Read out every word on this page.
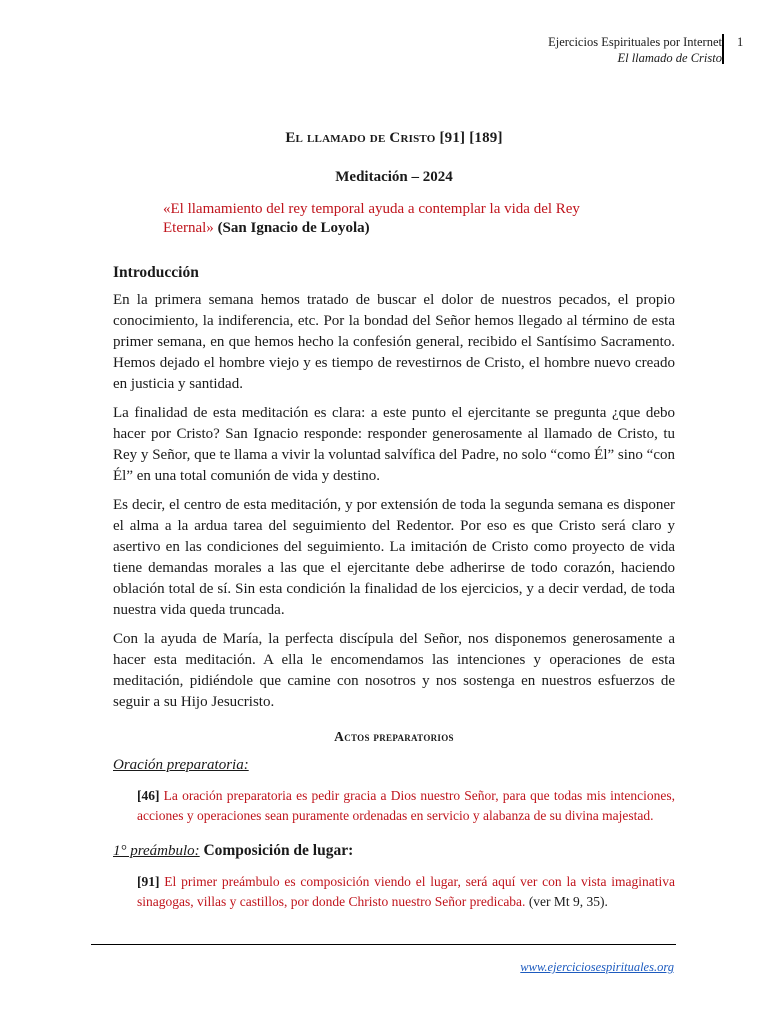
Ejercicios Espirituales por Internet
El llamado de Cristo
1
El llamado de Cristo [91] [189]
Meditación – 2024
«El llamamiento del rey temporal ayuda a contemplar la vida del Rey Eternal» (San Ignacio de Loyola)
Introducción

En la primera semana hemos tratado de buscar el dolor de nuestros pecados, el propio conocimiento, la indiferencia, etc. Por la bondad del Señor hemos llegado al término de esta primer semana, en que hemos hecho la confesión general, recibido el Santísimo Sacramento. Hemos dejado el hombre viejo y es tiempo de revestirnos de Cristo, el hombre nuevo creado en justicia y santidad.

La finalidad de esta meditación es clara: a este punto el ejercitante se pregunta ¿que debo hacer por Cristo? San Ignacio responde: responder generosamente al llamado de Cristo, tu Rey y Señor, que te llama a vivir la voluntad salvífica del Padre, no solo “como Él” sino “con Él” en una total comunión de vida y destino.

Es decir, el centro de esta meditación, y por extensión de toda la segunda semana es disponer el alma a la ardua tarea del seguimiento del Redentor. Por eso es que Cristo será claro y asertivo en las condiciones del seguimiento. La imitación de Cristo como proyecto de vida tiene demandas morales a las que el ejercitante debe adherirse de todo corazón, haciendo oblación total de sí. Sin esta condición la finalidad de los ejercicios, y a decir verdad, de toda nuestra vida queda truncada.

Con la ayuda de María, la perfecta discípula del Señor, nos disponemos generosamente a hacer esta meditación. A ella le encomendamos las intenciones y operaciones de esta meditación, pidiéndole que camine con nosotros y nos sostenga en nuestros esfuerzos de seguir a su Hijo Jesucristo.

Actos preparatorios
Oración preparatoria:
[46] La oración preparatoria es pedir gracia a Dios nuestro Señor, para que todas mis intenciones, acciones y operaciones sean puramente ordenadas en servicio y alabanza de su divina majestad.
1° preámbulo: Composición de lugar:
[91] El primer preámbulo es composición viendo el lugar, será aquí ver con la vista imaginativa sinagogas, villas y castillos, por donde Christo nuestro Señor predicaba. (ver Mt 9, 35).
www.ejerciciosespirituales.org
